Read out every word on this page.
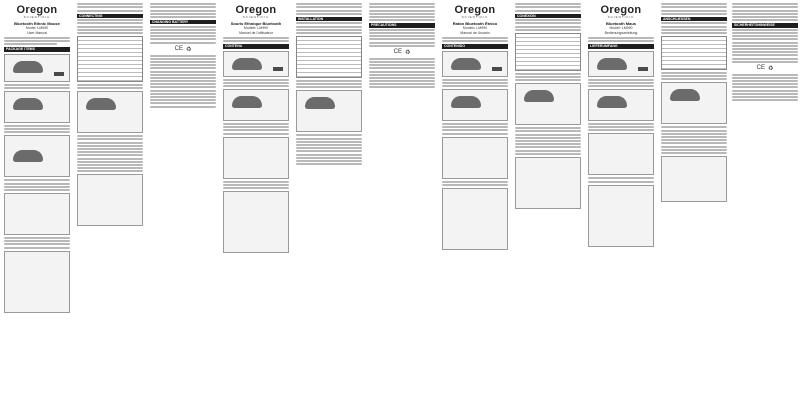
Oregon
SCIENTIFIC
Bluetooth Ethnic Mouse
Model: LM990
User Manual
PACKAGE ITEMS
CONNECTING
CHANGING BATTERY
CE ♻
Oregon
SCIENTIFIC
Souris Ethnique Bluetooth
Modèle: LM990
Manuel de l'utilisateur
CONTENU
INSTALLATION
PRECAUTIONS
CE ♻
Oregon
SCIENTIFIC
Ratón Bluetooth Étnico
Modelo: LM990
Manual de Usuario
CONTENIDO
CONEXIÓN	Oregon
SCIENTIFIC
Bluetooth Maus
Modell: LM990
Bedienungsanleitung
LIEFERUMFANG
ANSCHLIESSEN
SICHERHEITSHINWEISE
CE ♻
